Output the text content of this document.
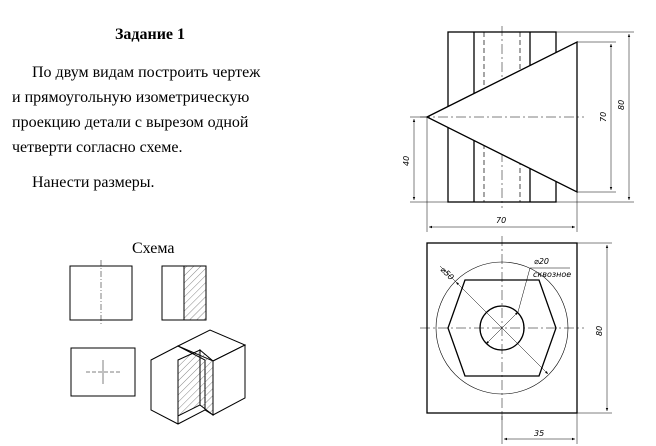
Задание 1
По двум видам построить чертеж
и прямоугольную изометрическую
проекцию детали с вырезом одной
четверти согласно схеме.
Нанести размеры.
Схема
70
80
40
70
⌀20
сквозное
⌀50
80
35
